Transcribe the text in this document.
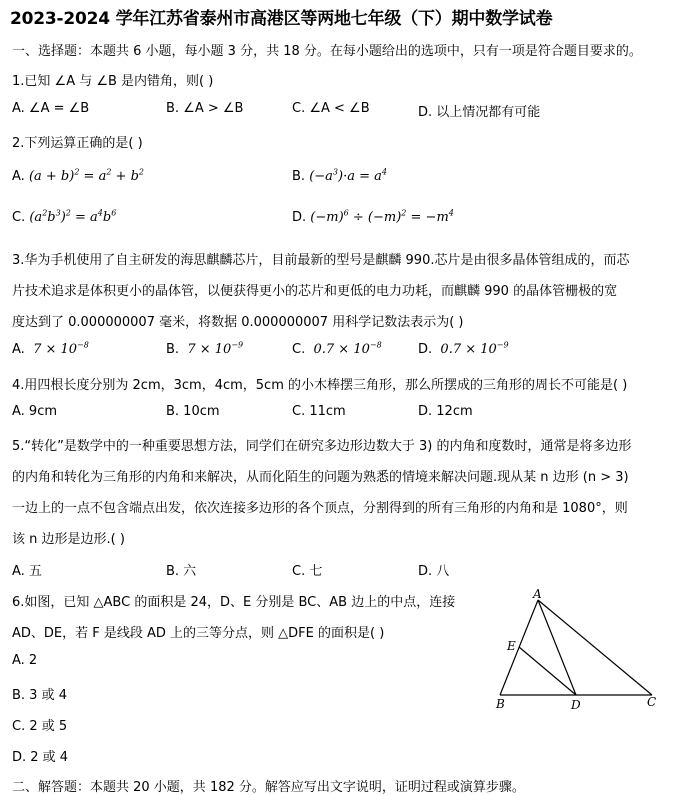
2023-2024 学年江苏省泰州市高港区等两地七年级（下）期中数学试卷
一、选择题：本题共 6 小题，每小题 3 分，共 18 分。在每小题给出的选项中，只有一项是符合题目要求的。
1.已知 ∠A 与 ∠B 是内错角，则( )
A. ∠A = ∠B	B. ∠A > ∠B	C. ∠A < ∠B	D. 以上情况都有可能
2.下列运算正确的是( )
A. $(a + b)^2 = a^2 + b^2$	B. $(-a^3)\cdot a = a^4$
C. $(a^2b^3)^2 = a^4b^6$	D. $(-m)^6 \div (-m)^2 = -m^4$
3.华为手机使用了自主研发的海思麒麟芯片，目前最新的型号是麒麟 990.芯片是由很多晶体管组成的，而芯
片技术追求是体积更小的晶体管，以便获得更小的芯片和更低的电力功耗，而麒麟 990 的晶体管栅极的宽
度达到了 0.000000007 毫米，将数据 0.000000007 用科学记数法表示为( )
A. $7 \times 10^{-8}$	B. $7 \times 10^{-9}$	C. $0.7 \times 10^{-8}$	D. $0.7 \times 10^{-9}$
4.用四根长度分别为 2cm，3cm，4cm，5cm 的小木棒摆三角形，那么所摆成的三角形的周长不可能是( )
A. 9cm	B. 10cm	C. 11cm	D. 12cm
5.“转化”是数学中的一种重要思想方法，同学们在研究多边形边数大于 3) 的内角和度数时，通常是将多边形
的内角和转化为三角形的内角和来解决，从而化陌生的问题为熟悉的情境来解决问题.现从某 n 边形 (n > 3)
一边上的一点不包含端点出发，依次连接多边形的各个顶点，分割得到的所有三角形的内角和是 1080°，则
该 n 边形是边形.( )
A. 五	B. 六	C. 七	D. 八
6.如图，已知 △ABC 的面积是 24，D、E 分别是 BC、AB 边上的中点，连接
AD、DE，若 F 是线段 AD 上的三等分点，则 △DFE 的面积是( )
A. 2
B. 3 或 4
C. 2 或 5
D. 2 或 4
A
E
B	D	C
二、解答题：本题共 20 小题，共 182 分。解答应写出文字说明，证明过程或演算步骤。
